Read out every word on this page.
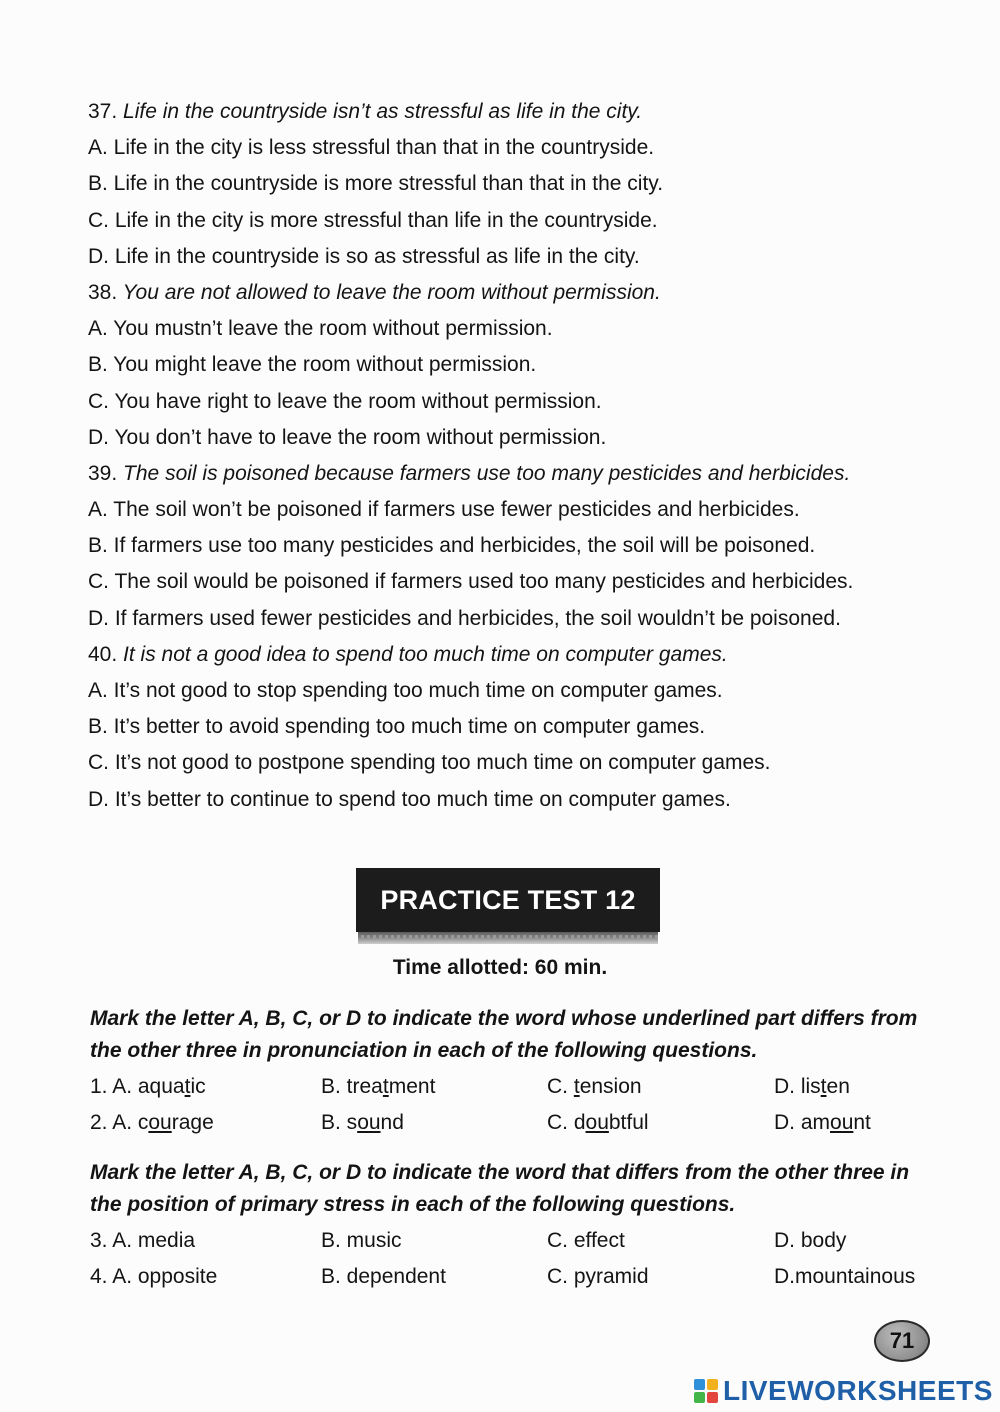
37. Life in the countryside isn’t as stressful as life in the city.
A. Life in the city is less stressful than that in the countryside.
B. Life in the countryside is more stressful than that in the city.
C. Life in the city is more stressful than life in the countryside.
D. Life in the countryside is so as stressful as life in the city.
38. You are not allowed to leave the room without permission.
A. You mustn’t leave the room without permission.
B. You might leave the room without permission.
C. You have right to leave the room without permission.
D. You don’t have to leave the room without permission.
39. The soil is poisoned because farmers use too many pesticides and herbicides.
A. The soil won’t be poisoned if farmers use fewer pesticides and herbicides.
B. If farmers use too many pesticides and herbicides, the soil will be poisoned.
C. The soil would be poisoned if farmers used too many pesticides and herbicides.
D. If farmers used fewer pesticides and herbicides, the soil wouldn’t be poisoned.
40. It is not a good idea to spend too much time on computer games.
A. It’s not good to stop spending too much time on computer games.
B. It’s better to avoid spending too much time on computer games.
C. It’s not good to postpone spending too much time on computer games.
D. It’s better to continue to spend too much time on computer games.
PRACTICE TEST 12
Time allotted: 60 min.
Mark the letter A, B, C, or D to indicate the word whose underlined part differs from the other three in pronunciation in each of the following questions.
1. A. aquatic	B. treatment	C. tension	D. listen
2. A. courage	B. sound	C. doubtful	D. amount
Mark the letter A, B, C, or D to indicate the word that differs from the other three in the position of primary stress in each of the following questions.
3. A. media	B. music	C. effect	D. body
4. A. opposite	B. dependent	C. pyramid	D.mountainous
71
LIVEWORKSHEETS
